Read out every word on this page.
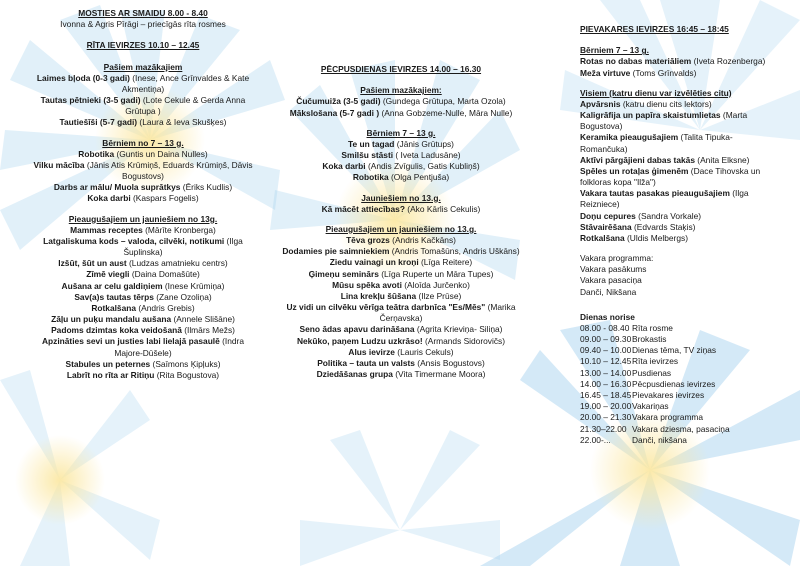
MOSTIES AR SMAIDU 8.00 - 8.40
Ivonna & Agris Pīrāgi – priecīgās rīta rosmes
RĪTA IEVIRZES 10.10 – 12.45
Pašiem mazākajiem
Laimes bļoda (0-3 gadi) (Inese, Ance Grīnvaldes & Kate Akmentiņa)
Tautas pētnieki (3-5 gadi) (Lote Cekule & Gerda Anna Grūtupa )
Tautiešīši (5-7 gadi) (Laura & Ieva Skušķes)
Bērniem no 7 – 13 g.
Robotika (Guntis un Daina Nulles)
Vilku mācība (Jānis Atis Krūmiņš, Eduards Krūmiņš, Dāvis Bogustovs)
Darbs ar mālu/ Muola suprātkys (Ēriks Kudlis)
Koka darbi (Kaspars Fogelis)
Pieaugušajiem un jauniešiem no 13g.
Mammas receptes (Mārīte Kronberga)
Latgaliskuma kods – valoda, cilvēki, notikumi (Ilga Šuplinska)
Izšūt, šūt un aust (Ludzas amatnieku centrs)
Zīmē viegli (Daina Domašūte)
Aušana ar celu galdiņiem (Inese Krūmiņa)
Sav(a)s tautas tērps (Zane Ozoliņa)
Rotkalšana (Andris Grebis)
Zāļu un puķu mandalu aušana (Annele Slišāne)
Padoms dzimtas koka veidošanā (Ilmārs Mežs)
Apzināties sevi un justies labi lielajā pasaulē (Indra Majore-Dūšele)
Stabules un peternes (Saīmons Ķipļuks)
Labrīt no rīta ar Ritiņu (Rita Bogustova)
PĒCPUSDIENAS IEVIRZES 14.00 – 16.30
Pašiem mazākajiem:
Čučumuiža (3-5 gadi) (Gundega Grūtupa, Marta Ozola)
Mākslošana (5-7 gadi ) (Anna Gobzeme-Nulle, Māra Nulle)
Bērniem 7 – 13 g.
Te un tagad (Jānis Grūtups)
Smilšu stāsti ( Iveta Ladusāne)
Koka darbi (Andis Zvīgulis, Gatis Kubliņš)
Robotika (Olga Pentjuša)
Jauniešiem no 13.g.
Kā mācēt attiecības? (Ako Kārlis Cekulis)
Pieaugušajiem un jauniešiem no 13.g.
Tēva grozs (Andris Kačkāns)
Dodamies pie saimniekiem (Andris Tomašūns, Andris Uškāns)
Ziedu vainagi un kroņi (Līga Reitere)
Ģimeņu seminārs (Līga Ruperte un Māra Tupes)
Mūsu spēka avoti (Aloīda Jurčenko)
Lina krekļu šūšana (Ilze Prūse)
Uz vidi un cilvēku vērīga teātra darbnīca "Es/Mēs" (Marika Čerņavska)
Seno ādas apavu darināšana (Agrita Krieviņa- Siliņa)
Nekūko, paņem Ludzu uzkrāso! (Armands Sidorovičs)
Alus ievirze (Lauris Cekuls)
Politika – tauta un valsts (Ansis Bogustovs)
Dziedāšanas grupa (Vita Timermane Moora)
PIEVAKARES IEVIRZES 16:45 – 18:45
Bērniem 7 – 13 g.
Rotas no dabas materiāliem (Iveta Rozenberga)
Meža virtuve (Toms Grīnvalds)
Visiem (katru dienu var izvēlēties citu)
Apvārsnis (katru dienu cits lektors)
Kaligrāfija un papīra skaistumlietas (Marta Bogustova)
Keramika pieaugušajiem (Talita Tipuka-Romančuka)
Aktīvi pārgājieni dabas takās (Anita Elksne)
Spēles un rotaļas ģimenēm (Dace Tihovska un folkloras kopa "Ilža")
Vakara tautas pasakas pieaugušajiem (Ilga Reizniece)
Doņu cepures (Sandra Vorkale)
Stāvairēšana (Edvards Staķis)
Rotkalšana (Uldis Melbergs)
Vakara programma:
Vakara pasākums
Vakara pasaciņa
Danči, Nikšana
Dienas norise
08.00 - 08.40 Rīta rosme
09.00 – 09.30 Brokastis
09.40 – 10.00 Dienas tēma, TV ziņas
10.10 – 12.45 Rīta ievirzes
13.00 – 14.00 Pusdienas
14.00 – 16.30 Pēcpusdienas ievirzes
16.45 – 18.45 Pievakares ievirzes
19.00 – 20.00 Vakariņas
20.00 – 21.30 Vakara programma
21.30–22.00 Vakara dziesma, pasaciņa
22.00-...	Danči, nikšana
